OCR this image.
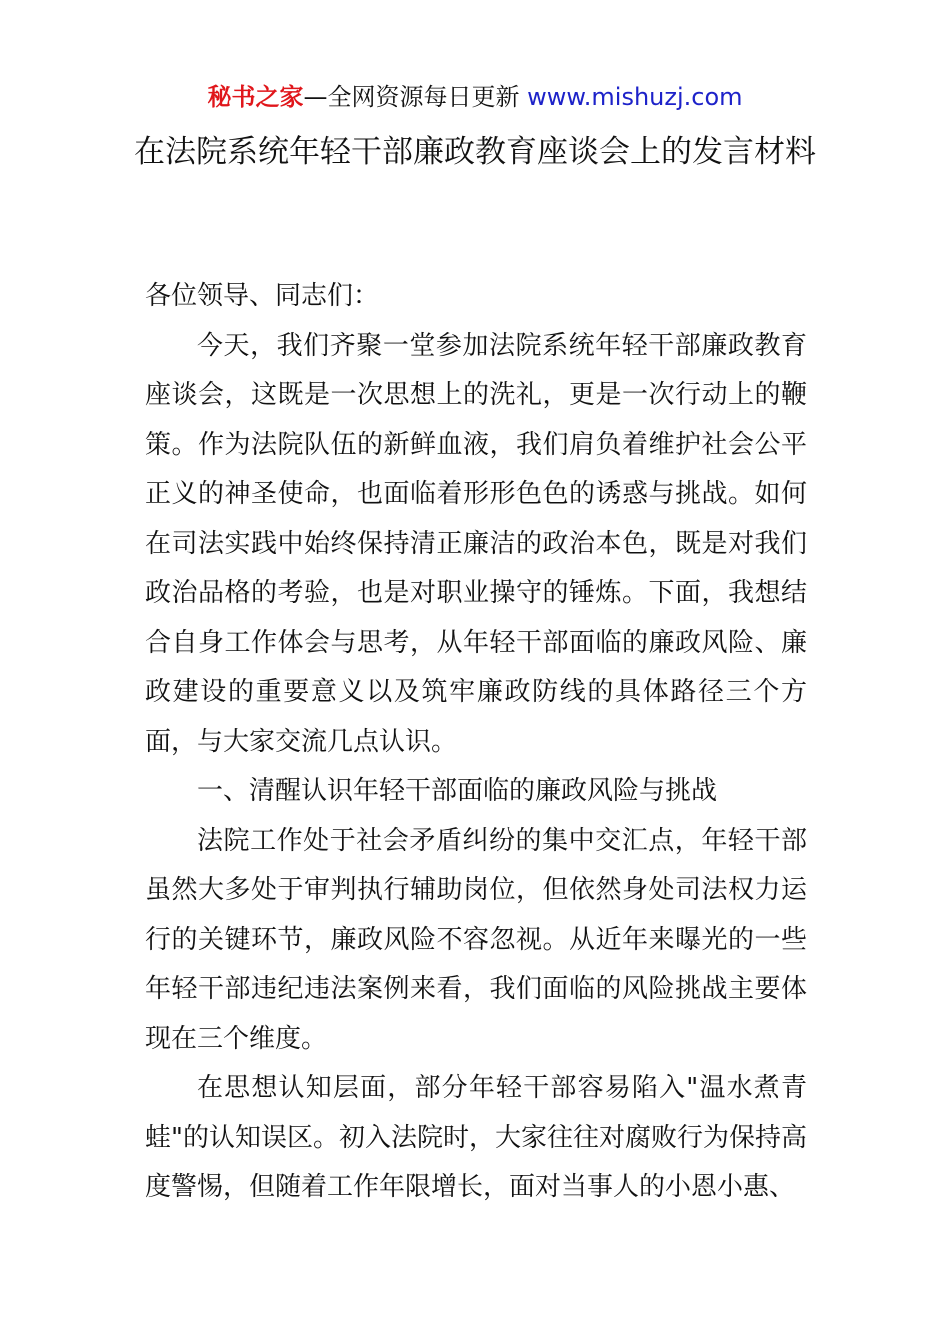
秘书之家—全网资源每日更新 www.mishuzj.com
在法院系统年轻干部廉政教育座谈会上的发言材料

各位领导、同志们：

今天，我们齐聚一堂参加法院系统年轻干部廉政教育座谈会，这既是一次思想上的洗礼，更是一次行动上的鞭策。作为法院队伍的新鲜血液，我们肩负着维护社会公平正义的神圣使命，也面临着形形色色的诱惑与挑战。如何在司法实践中始终保持清正廉洁的政治本色，既是对我们政治品格的考验，也是对职业操守的锤炼。下面，我想结合自身工作体会与思考，从年轻干部面临的廉政风险、廉政建设的重要意义以及筑牢廉政防线的具体路径三个方面，与大家交流几点认识。

一、清醒认识年轻干部面临的廉政风险与挑战

法院工作处于社会矛盾纠纷的集中交汇点，年轻干部虽然大多处于审判执行辅助岗位，但依然身处司法权力运行的关键环节，廉政风险不容忽视。从近年来曝光的一些年轻干部违纪违法案例来看，我们面临的风险挑战主要体现在三个维度。

在思想认知层面，部分年轻干部容易陷入"温水煮青蛙"的认知误区。初入法院时，大家往往对腐败行为保持高度警惕，但随着工作年限增长，面对当事人的小恩小惠、
